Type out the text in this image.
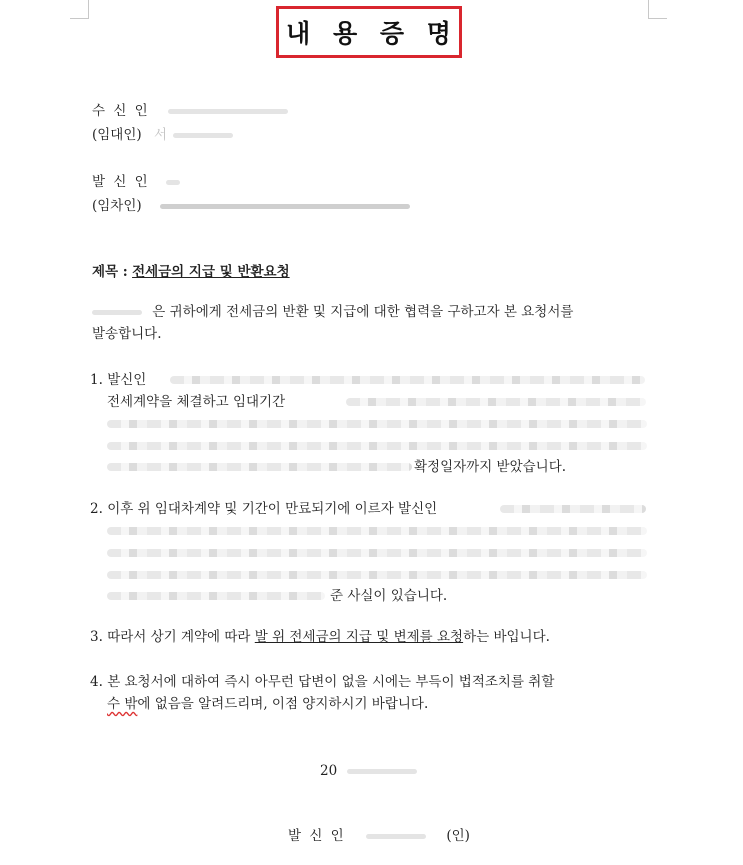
내 용 증 명
수 신 인
(임대인) 서
발 신 인
(임차인)
제목 : 전세금의 지급 및 반환요청
은 귀하에게 전세금의 반환 및 지급에 대한 협력을 구하고자 본 요청서를
발송합니다.
1. 발신인
전세계약을 체결하고 임대기간
확정일자까지 받았습니다.
2. 이후 위 임대차계약 및 기간이 만료되기에 이르자 발신인
준 사실이 있습니다.
3. 따라서 상기 계약에 따라 발 위 전세금의 지급 및 변제를 요청하는 바입니다.
4. 본 요청서에 대하여 즉시 아무런 답변이 없을 시에는 부득이 법적조치를 취할
수 밖에 없음을 알려드리며, 이점 양지하시기 바랍니다.
20
발 신 인	(인)
